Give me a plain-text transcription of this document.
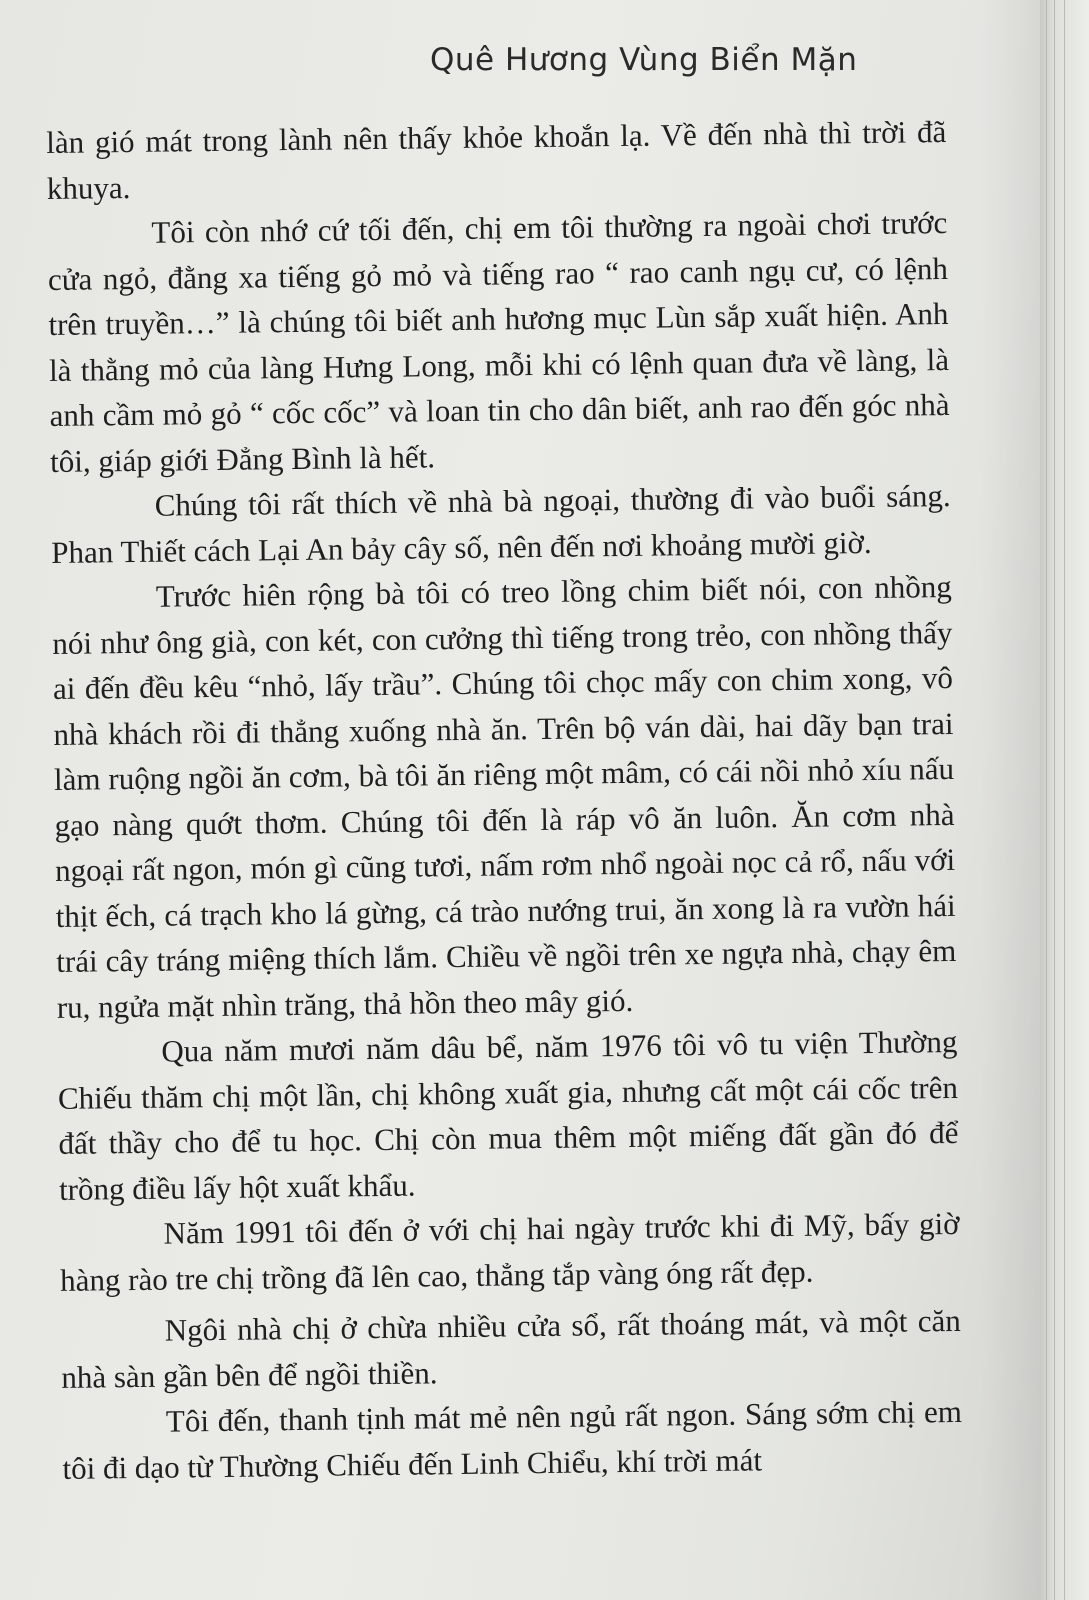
Quê Hương Vùng Biển Mặn

làn gió mát trong lành nên thấy khỏe khoắn lạ. Về đến nhà thì trời đã khuya.

Tôi còn nhớ cứ tối đến, chị em tôi thường ra ngoài chơi trước cửa ngỏ, đằng xa tiếng gỏ mỏ và tiếng rao “ rao canh ngụ cư, có lệnh trên truyền…” là chúng tôi biết anh hương mục Lùn sắp xuất hiện. Anh là thằng mỏ của làng Hưng Long, mỗi khi có lệnh quan đưa về làng, là anh cầm mỏ gỏ “ cốc cốc” và loan tin cho dân biết, anh rao đến góc nhà tôi, giáp giới Đẳng Bình là hết.

Chúng tôi rất thích về nhà bà ngoại, thường đi vào buổi sáng. Phan Thiết cách Lại An bảy cây số, nên đến nơi khoảng mười giờ.

Trước hiên rộng bà tôi có treo lồng chim biết nói, con nhồng nói như ông già, con két, con cưởng thì tiếng trong trẻo, con nhồng thấy ai đến đều kêu “nhỏ, lấy trầu”. Chúng tôi chọc mấy con chim xong, vô nhà khách rồi đi thẳng xuống nhà ăn. Trên bộ ván dài, hai dãy bạn trai làm ruộng ngồi ăn cơm, bà tôi ăn riêng một mâm, có cái nồi nhỏ xíu nấu gạo nàng quớt thơm. Chúng tôi đến là ráp vô ăn luôn. Ăn cơm nhà ngoại rất ngon, món gì cũng tươi, nấm rơm nhổ ngoài nọc cả rổ, nấu với thịt ếch, cá trạch kho lá gừng, cá trào nướng trui, ăn xong là ra vườn hái trái cây tráng miệng thích lắm. Chiều về ngồi trên xe ngựa nhà, chạy êm ru, ngửa mặt nhìn trăng, thả hồn theo mây gió.

Qua năm mươi năm dâu bể, năm 1976 tôi vô tu viện Thường Chiếu thăm chị một lần, chị không xuất gia, nhưng cất một cái cốc trên đất thầy cho để tu học. Chị còn mua thêm một miếng đất gần đó để trồng điều lấy hột xuất khẩu.

Năm 1991 tôi đến ở với chị hai ngày trước khi đi Mỹ, bấy giờ hàng rào tre chị trồng đã lên cao, thẳng tắp vàng óng rất đẹp.

Ngôi nhà chị ở chừa nhiều cửa sổ, rất thoáng mát, và một căn nhà sàn gần bên để ngồi thiền.

Tôi đến, thanh tịnh mát mẻ nên ngủ rất ngon. Sáng sớm chị em tôi đi dạo từ Thường Chiếu đến Linh Chiểu, khí trời mát
